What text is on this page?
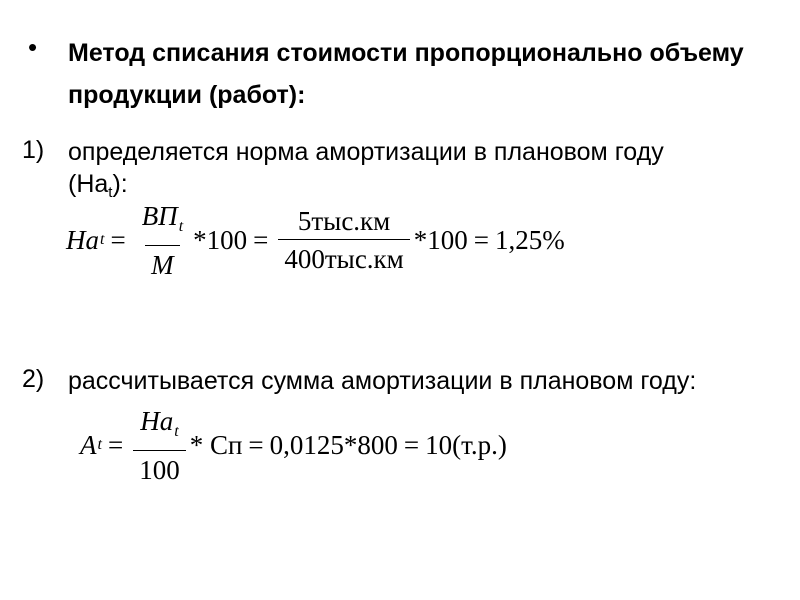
• Метод списания стоимости пропорционально объему продукции (работ):
1) определяется норма амортизации в плановом году
$(На_t)$:
На $t = \frac{ВП_t}{М} *100 = \frac{\text{5тыс.км}}{\text{400тыс.км}} *100 = 1,25\%$
2) рассчитывается сумма амортизации в плановом году:
A $t = \frac{На_t}{100}$ * Сп = 0,0125*800 = 10(т.р.)
